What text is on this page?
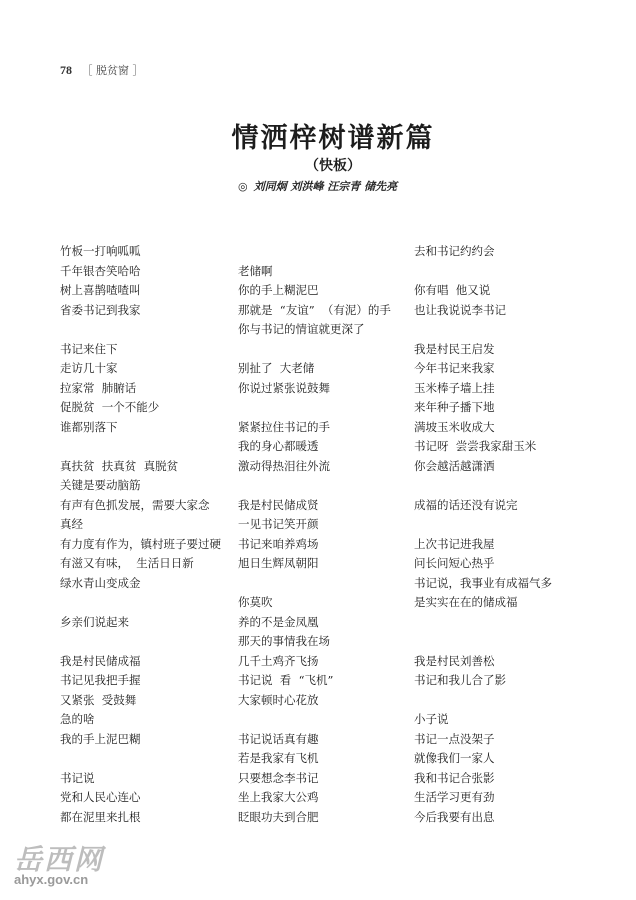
78 ［ 脱贫窗 ］
情洒梓树谱新篇
（快板）
◎ 刘同炯 刘洪峰 汪宗青 储先亮
竹板一打响呱呱
千年银杏笑哈哈
树上喜鹊喳喳叫
省委书记到我家
书记来住下
走访几十家
拉家常  肺腑话
促脱贫  一个不能少
谁都别落下
真扶贫  扶真贫  真脱贫
关键是要动脑筋
有声有色抓发展，需要大家念
真经
有力度有作为，镇村班子要过硬
有滋又有味，  生活日日新
绿水青山变成金
乡亲们说起来
我是村民储成福
书记见我把手握
又紧张  受鼓舞
急的啥
我的手上泥巴糊
书记说
党和人民心连心
都在泥里来扎根
老储啊
你的手上糊泥巴
那就是  “友谊”  （有泥）的手
你与书记的情谊就更深了
别扯了  大老储
你说过紧张说鼓舞
紧紧拉住书记的手
我的身心都暖透
激动得热泪往外流
我是村民储成贤
一见书记笑开颜
书记来咱养鸡场
旭日生辉凤朝阳
你莫吹
养的不是金凤凰
那天的事情我在场
几千土鸡齐飞扬
书记说  看  “飞机”
大家顿时心花放
书记说话真有趣
若是我家有飞机
只要想念李书记
坐上我家大公鸡
眨眼功夫到合肥
去和书记约约会
你有唱  他又说
也让我说说李书记
我是村民王启发
今年书记来我家
玉米棒子墙上挂
来年种子播下地
满坡玉米收成大
书记呀  尝尝我家甜玉米
你会越活越潇洒
成福的话还没有说完
上次书记进我屋
问长问短心热乎
书记说，我事业有成福气多
是实实在在的储成福
我是村民刘善松
书记和我儿合了影
小子说
书记一点没架子
就像我们一家人
我和书记合张影
生活学习更有劲
今后我要有出息
岳西网
ahyx.gov.cn
